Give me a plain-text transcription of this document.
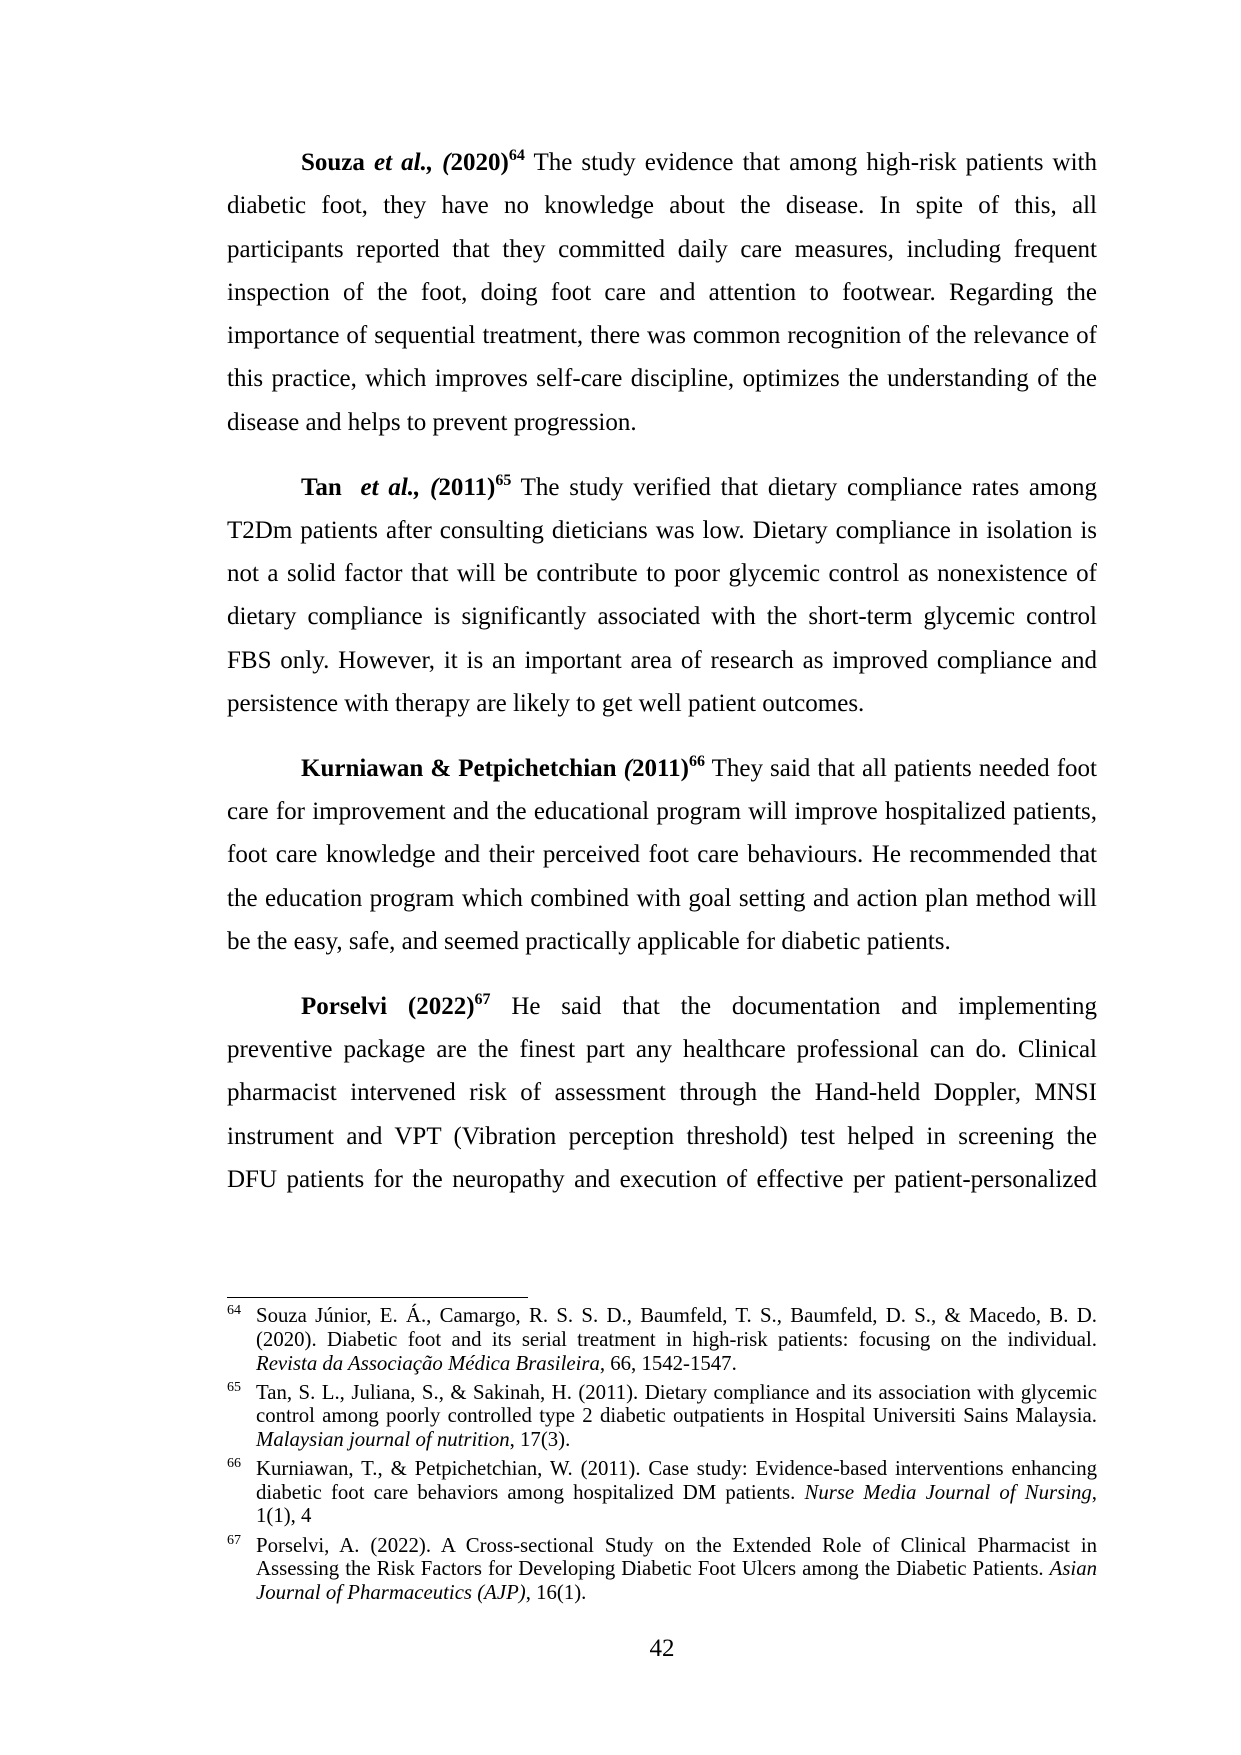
Souza et al., (2020)$^{64}$ The study evidence that among high-risk patients with
diabetic foot, they have no knowledge about the disease. In spite of this, all
participants reported that they committed daily care measures, including frequent
inspection of the foot, doing foot care and attention to footwear. Regarding the
importance of sequential treatment, there was common recognition of the relevance of
this practice, which improves self-care discipline, optimizes the understanding of the
disease and helps to prevent progression.
Tan et al., (2011)$^{65}$ The study verified that dietary compliance rates among
T2Dm patients after consulting dieticians was low. Dietary compliance in isolation is
not a solid factor that will be contribute to poor glycemic control as nonexistence of
dietary compliance is significantly associated with the short-term glycemic control
FBS only. However, it is an important area of research as improved compliance and
persistence with therapy are likely to get well patient outcomes.
Kurniawan & Petpichetchian (2011)$^{66}$ They said that all patients needed foot
care for improvement and the educational program will improve hospitalized patients,
foot care knowledge and their perceived foot care behaviours. He recommended that
the education program which combined with goal setting and action plan method will
be the easy, safe, and seemed practically applicable for diabetic patients.
Porselvi (2022)$^{67}$ He said that the documentation and implementing
preventive package are the finest part any healthcare professional can do. Clinical
pharmacist intervened risk of assessment through the Hand-held Doppler, MNSI
instrument and VPT (Vibration perception threshold) test helped in screening the
DFU patients for the neuropathy and execution of effective per patient-personalized
64 Souza Júnior, E. Á., Camargo, R. S. S. D., Baumfeld, T. S., Baumfeld, D. S., & Macedo, B. D.
(2020). Diabetic foot and its serial treatment in high-risk patients: focusing on the individual.
Revista da Associação Médica Brasileira, 66, 1542-1547.
65 Tan, S. L., Juliana, S., & Sakinah, H. (2011). Dietary compliance and its association with glycemic
control among poorly controlled type 2 diabetic outpatients in Hospital Universiti Sains Malaysia.
Malaysian journal of nutrition, 17(3).
66 Kurniawan, T., & Petpichetchian, W. (2011). Case study: Evidence-based interventions enhancing
diabetic foot care behaviors among hospitalized DM patients. Nurse Media Journal of Nursing,
1(1), 4
67 Porselvi, A. (2022). A Cross-sectional Study on the Extended Role of Clinical Pharmacist in
Assessing the Risk Factors for Developing Diabetic Foot Ulcers among the Diabetic Patients. Asian
Journal of Pharmaceutics (AJP), 16(1).
42
